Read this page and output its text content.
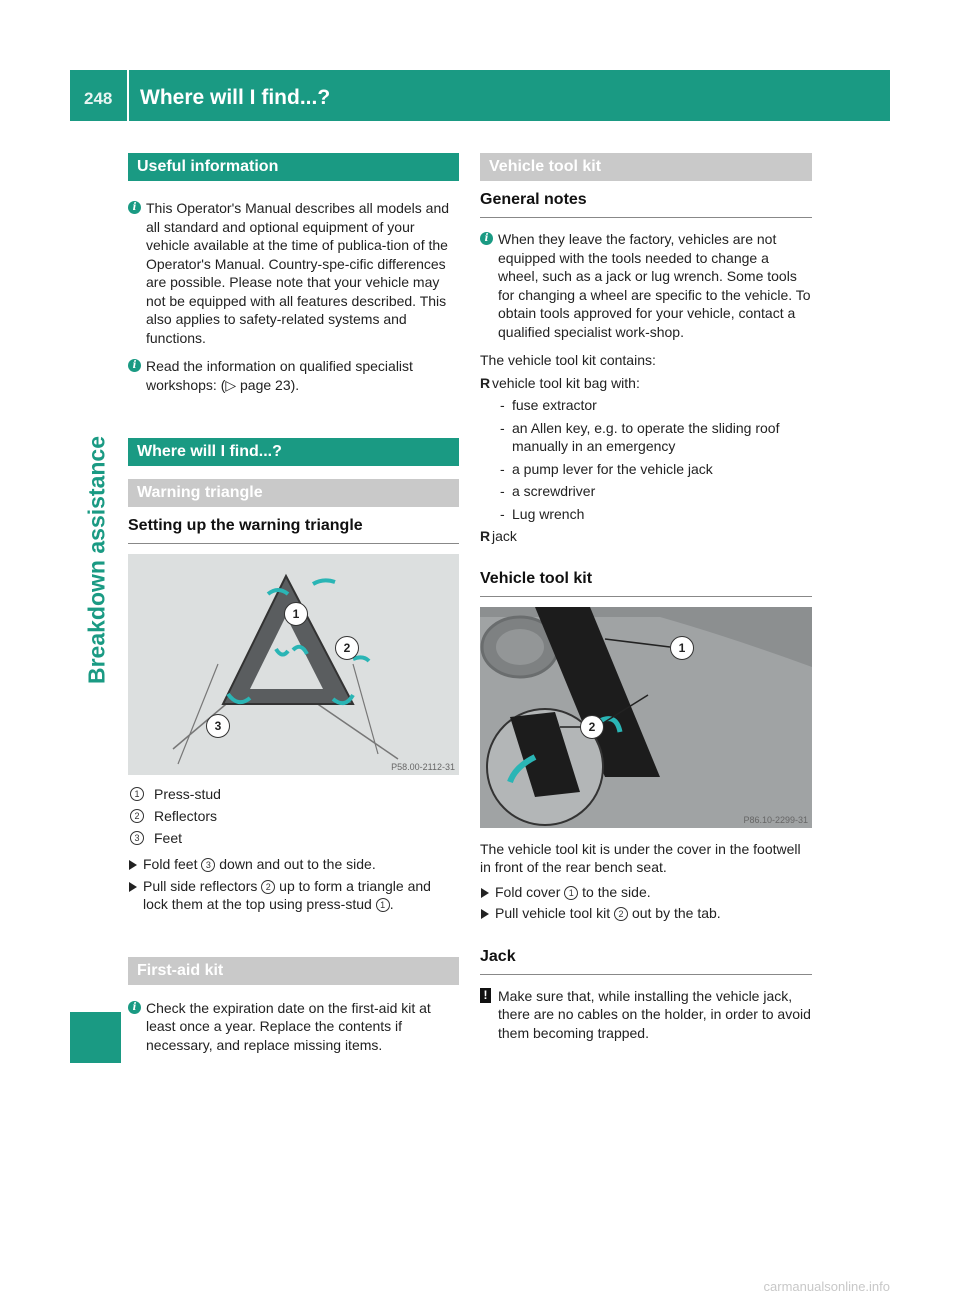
248 Where will I find...?
Breakdown assistance
Useful information
i This Operator's Manual describes all models and all standard and optional equipment of your vehicle available at the time of publica-tion of the Operator's Manual. Country-spe-cific differences are possible. Please note that your vehicle may not be equipped with all features described. This also applies to safety-related systems and functions.
i Read the information on qualified specialist workshops: (▷ page 23).
Where will I find...?
Warning triangle
Setting up the warning triangle
1
2
3
P58.00-2112-31
1	Press-stud
2	Reflectors
3	Feet
Fold feet 3 down and out to the side.
Pull side reflectors 2 up to form a triangle and lock them at the top using press-stud 1 .
First-aid kit
i Check the expiration date on the first-aid kit at least once a year. Replace the contents if necessary, and replace missing items.
Vehicle tool kit
General notes
i When they leave the factory, vehicles are not equipped with the tools needed to change a wheel, such as a jack or lug wrench. Some tools for changing a wheel are specific to the vehicle. To obtain tools approved for your vehicle, contact a qualified specialist work-shop.
The vehicle tool kit contains:
R vehicle tool kit bag with:
- fuse extractor
- an Allen key, e.g. to operate the sliding roof manually in an emergency
- a pump lever for the vehicle jack
- a screwdriver
- Lug wrench
R jack
Vehicle tool kit
1
2
P86.10-2299-31
The vehicle tool kit is under the cover in the footwell in front of the rear bench seat.
Fold cover 1 to the side.
Pull vehicle tool kit 2 out by the tab.
Jack
! Make sure that, while installing the vehicle jack, there are no cables on the holder, in order to avoid them becoming trapped.
carmanualsonline.info
